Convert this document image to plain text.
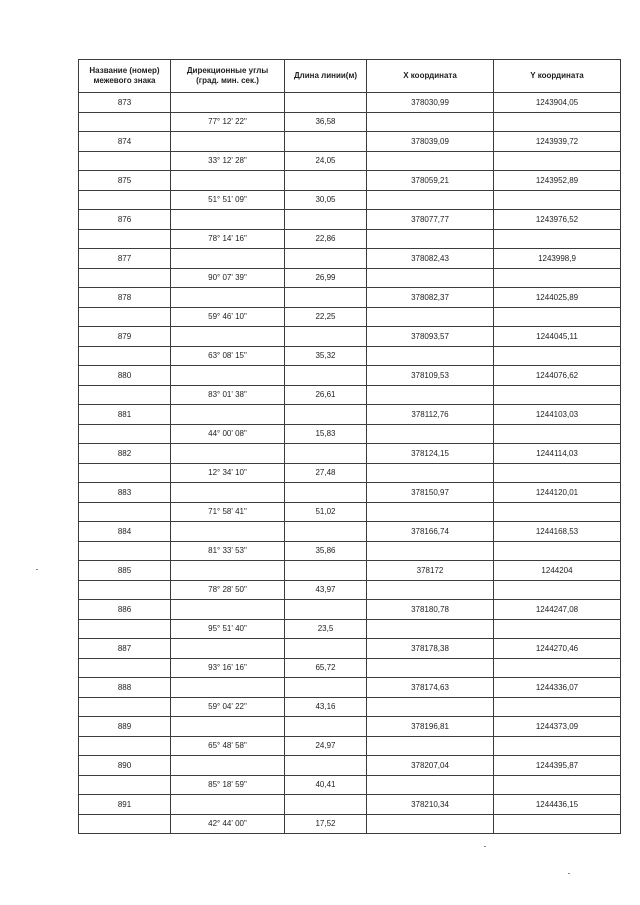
Название (номер) межевого знака	Дирекционные углы (град. мин. сек.)	Длина линии(м)	X координата	Y координата
873			378030,99	1243904,05
	77° 12' 22"	36,58		
874			378039,09	1243939,72
	33° 12' 28"	24,05		
875			378059,21	1243952,89
	51° 51' 09"	30,05		
876			378077,77	1243976,52
	78° 14' 16"	22,86		
877			378082,43	1243998,9
	90° 07' 39"	26,99		
878			378082,37	1244025,89
	59° 46' 10"	22,25		
879			378093,57	1244045,11
	63° 08' 15"	35,32		
880			378109,53	1244076,62
	83° 01' 38"	26,61		
881			378112,76	1244103,03
	44° 00' 08"	15,83		
882			378124,15	1244114,03
	12° 34' 10"	27,48		
883			378150,97	1244120,01
	71° 58' 41"	51,02		
884			378166,74	1244168,53
	81° 33' 53"	35,86		
885			378172	1244204
	78° 28' 50"	43,97		
886			378180,78	1244247,08
	95° 51' 40"	23,5		
887			378178,38	1244270,46
	93° 16' 16"	65,72		
888			378174,63	1244336,07
	59° 04' 22"	43,16		
889			378196,81	1244373,09
	65° 48' 58"	24,97		
890			378207,04	1244395,87
	85° 18' 59"	40,41		
891			378210,34	1244436,15
	42° 44' 00"	17,52		
